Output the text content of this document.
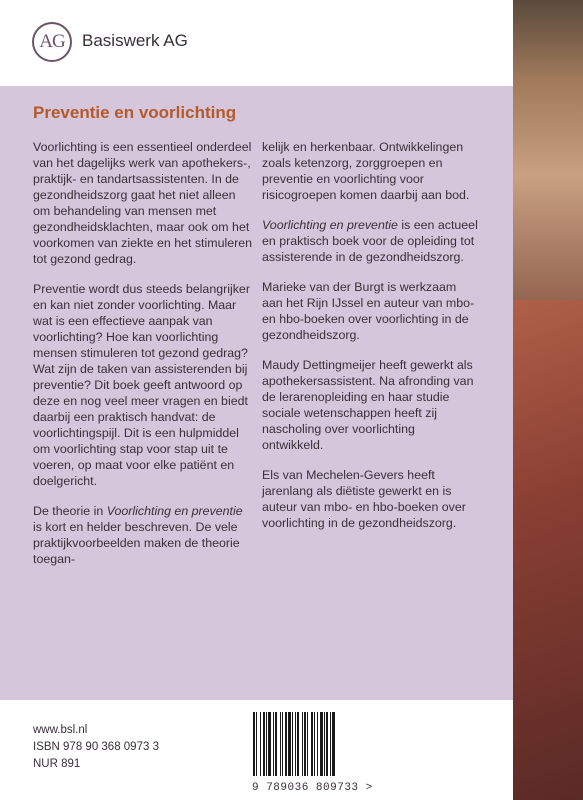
AG	Basiswerk AG
Preventie en voorlichting

Voorlichting is een essentieel onderdeel van het dagelijks werk van apothekers-, praktijk- en tandartsassistenten. In de gezondheidszorg gaat het niet alleen om behandeling van mensen met gezondheidsklachten, maar ook om het voorkomen van ziekte en het stimuleren tot gezond gedrag.

Preventie wordt dus steeds belangrijker en kan niet zonder voorlichting. Maar wat is een effectieve aanpak van voorlichting? Hoe kan voorlichting mensen stimuleren tot gezond gedrag? Wat zijn de taken van assisterenden bij preventie? Dit boek geeft antwoord op deze en nog veel meer vragen en biedt daarbij een praktisch handvat: de voorlichtingspijl. Dit is een hulpmiddel om voorlichting stap voor stap uit te voeren, op maat voor elke patiënt en doelgericht.

De theorie in Voorlichting en preventie is kort en helder beschreven. De vele praktijkvoorbeelden maken de theorie toegan-

kelijk en herkenbaar. Ontwikkelingen zoals ketenzorg, zorggroepen en preventie en voorlichting voor risicogroepen komen daarbij aan bod.

Voorlichting en preventie is een actueel en praktisch boek voor de opleiding tot assisterende in de gezondheidszorg.

Marieke van der Burgt is werkzaam aan het Rijn IJssel en auteur van mbo- en hbo-boeken over voorlichting in de gezondheidszorg.

Maudy Dettingmeijer heeft gewerkt als apothekersassistent. Na afronding van de lerarenopleiding en haar studie sociale wetenschappen heeft zij nascholing over voorlichting ontwikkeld.

Els van Mechelen-Gevers heeft jarenlang als diëtiste gewerkt en is auteur van mbo- en hbo-boeken over voorlichting in de gezondheidszorg.

www.bsl.nl
ISBN 978 90 368 0973 3
NUR 891
9 789036 809733 >
